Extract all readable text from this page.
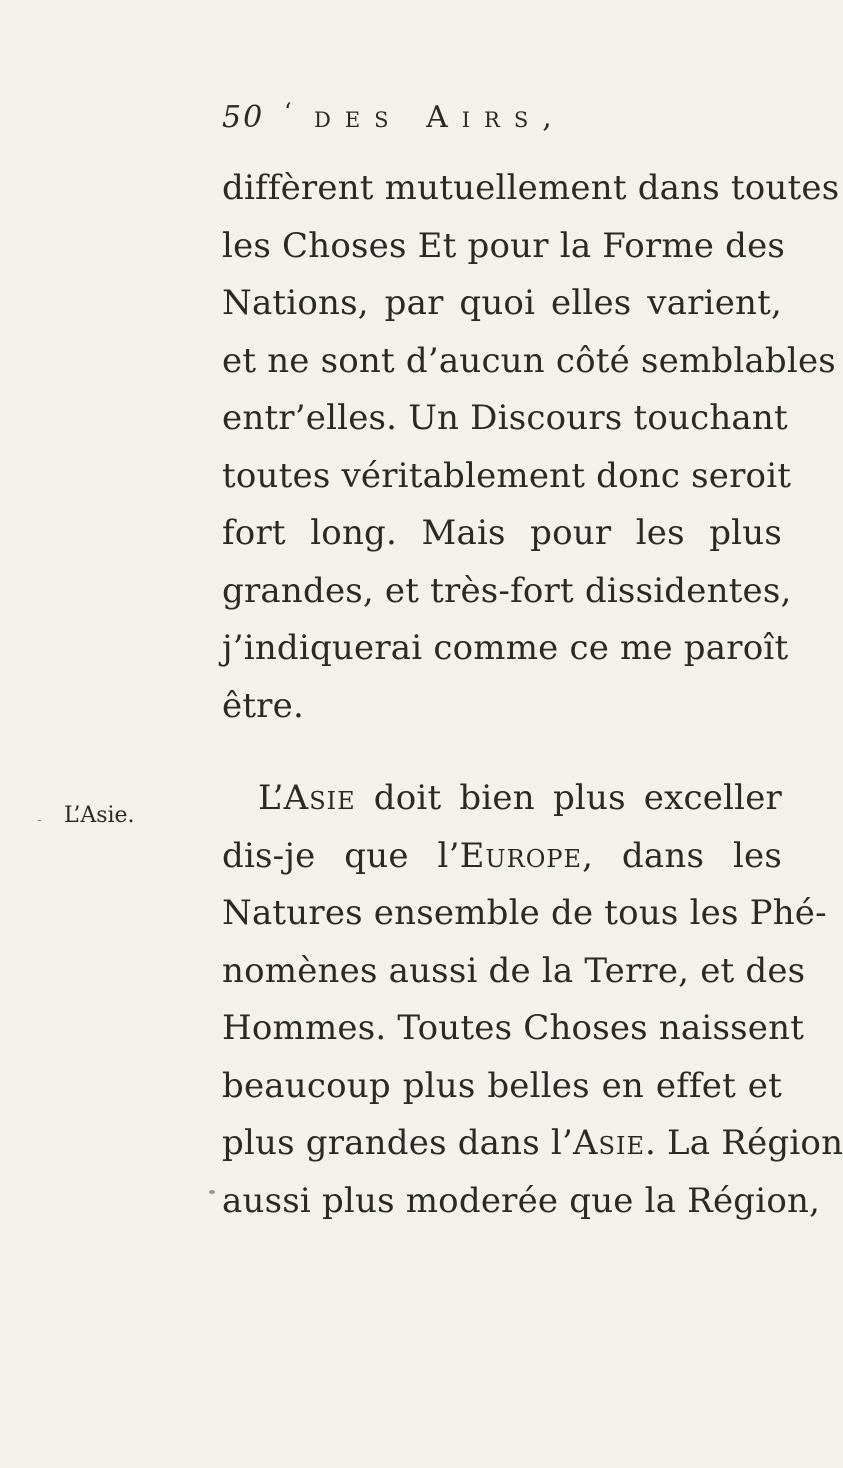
50 ‘ des Airs,
‐ L’Asie.
diffèrent mutuellement dans toutes
les Choses Et pour la Forme des
Nations, par quoi elles varient,
et ne sont d’aucun côté semblables
entr’elles. Un Discours touchant
toutes véritablement donc seroit
fort long. Mais pour les plus
grandes, et très-fort dissidentes,
j’indiquerai comme ce me paroît
être.
L’Asie doit bien plus exceller
dis-je que l’Europe, dans les
Natures ensemble de tous les Phé-
nomènes aussi de la Terre, et des
Hommes. Toutes Choses naissent
beaucoup plus belles en effet et
plus grandes dans l’Asie. La Région
aussi plus moderée que la Région,
